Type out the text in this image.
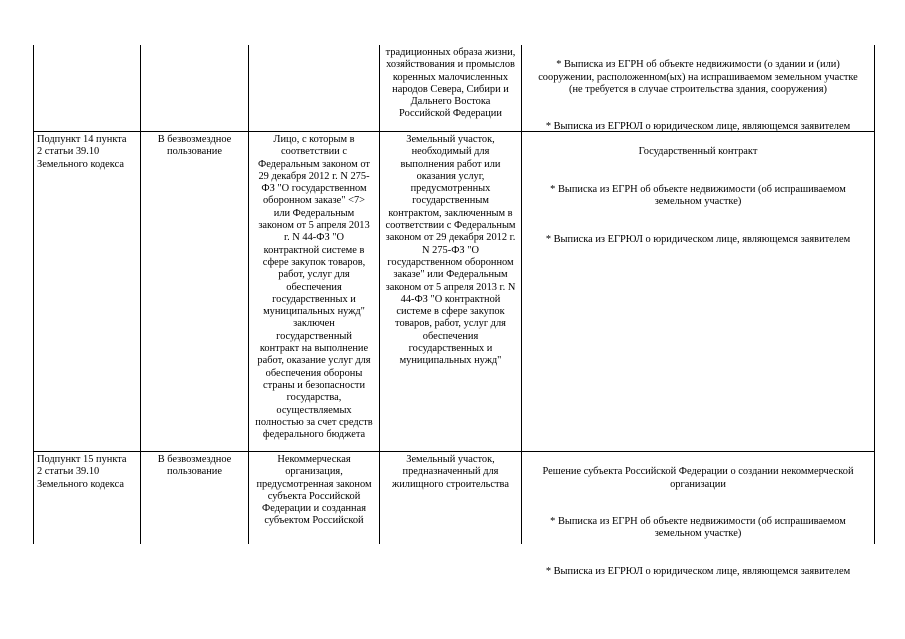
традиционных образа жизни,
хозяйствования и промыслов
коренных малочисленных
народов Севера, Сибири и
Дальнего Востока
Российской Федерации

* Выписка из ЕГРН об объекте недвижимости (о здании и (или)
сооружении, расположенном(ых) на испрашиваемом земельном участке
(не требуется в случае строительства здания, сооружения)

* Выписка из ЕГРЮЛ о юридическом лице, являющемся заявителем

Подпункт 14 пункта
2 статьи 39.10
Земельного кодекса
В безвозмездное
пользование
Лицо, с которым в
соответствии с
Федеральным законом от
29 декабря 2012 г. N 275-
ФЗ "О государственном
оборонном заказе" <7>
или Федеральным
законом от 5 апреля 2013
г. N 44-ФЗ "О
контрактной системе в
сфере закупок товаров,
работ, услуг для
обеспечения
государственных и
муниципальных нужд"
заключен
государственный
контракт на выполнение
работ, оказание услуг для
обеспечения обороны
страны и безопасности
государства,
осуществляемых
полностью за счет средств
федерального бюджета
Земельный участок,
необходимый для
выполнения работ или
оказания услуг,
предусмотренных
государственным
контрактом, заключенным в
соответствии с Федеральным
законом от 29 декабря 2012 г.
N 275-ФЗ "О
государственном оборонном
заказе" или Федеральным
законом от 5 апреля 2013 г. N
44-ФЗ "О контрактной
системе в сфере закупок
товаров, работ, услуг для
обеспечения
государственных и
муниципальных нужд"

Государственный контракт

* Выписка из ЕГРН об объекте недвижимости (об испрашиваемом
земельном участке)

* Выписка из ЕГРЮЛ о юридическом лице, являющемся заявителем

Подпункт 15 пункта
2 статьи 39.10
Земельного кодекса
В безвозмездное
пользование
Некоммерческая
организация,
предусмотренная законом
субъекта Российской
Федерации и созданная
субъектом Российской
Земельный участок,
предназначенный для
жилищного строительства

Решение субъекта Российской Федерации о создании некоммерческой
организации

* Выписка из ЕГРН об объекте недвижимости (об испрашиваемом
земельном участке)

* Выписка из ЕГРЮЛ о юридическом лице, являющемся заявителем
